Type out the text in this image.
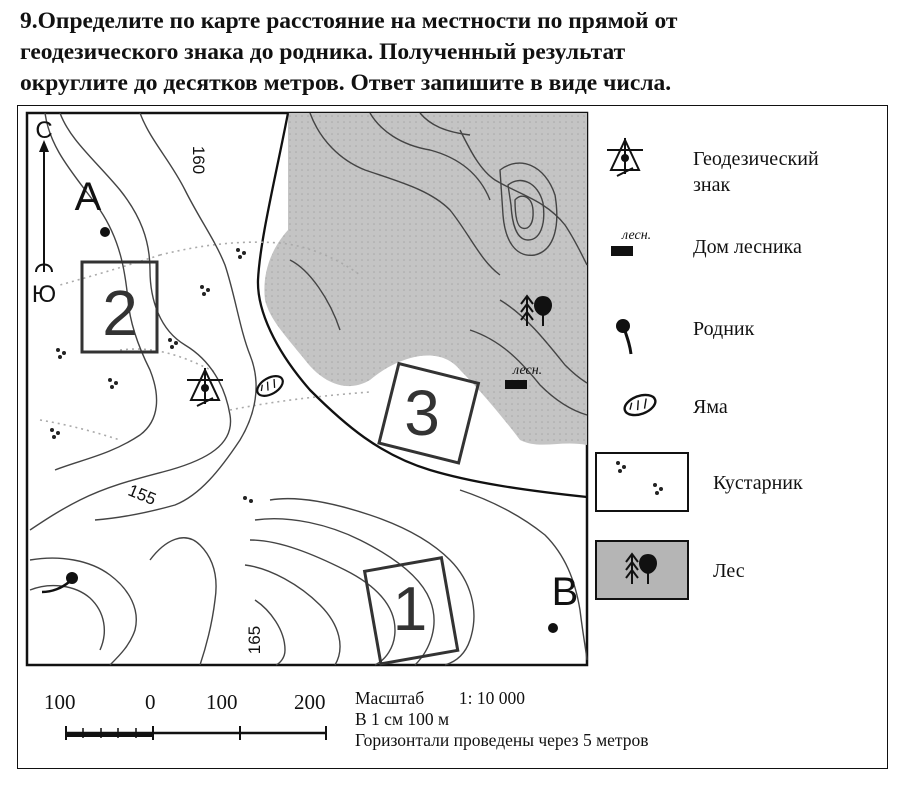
9.Определите по карте расстояние на местности по прямой от
геодезического знака до родника. Полученный результат
округлите до десятков метров. Ответ запишите в виде числа.
160
155
165
С
Ю
А
В
2
3
1
лесн.
лесн.
100	0 100	200 Масштаб 1: 10 000
В 1 см 100 м
Горизонтали проведены через 5 метров
Геодезический
знак
Дом лесника
Родник
Яма
Кустарник
Лес
